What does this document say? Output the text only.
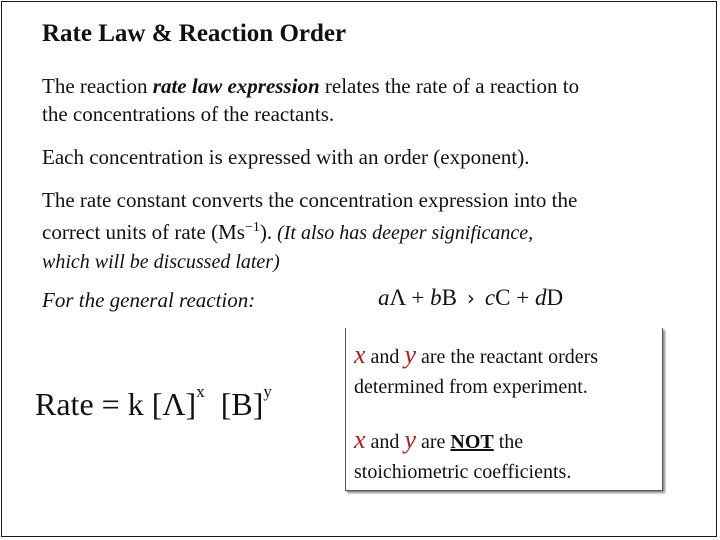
Rate Law & Reaction Order
The reaction rate law expression relates the rate of a reaction to
the concentrations of the reactants.
Each concentration is expressed with an order (exponent).
The rate constant converts the concentration expression into the
correct units of rate $(Ms^{-1})$. (It also has deeper significance,
which will be discussed later)
For the general reaction:	aΛ + bB › cC + dD
Rate = k $[\Lambda]^x$  $[B]^y$
x and y are the reactant orders
determined from experiment.
x and y are NOT the
stoichiometric coefficients.
